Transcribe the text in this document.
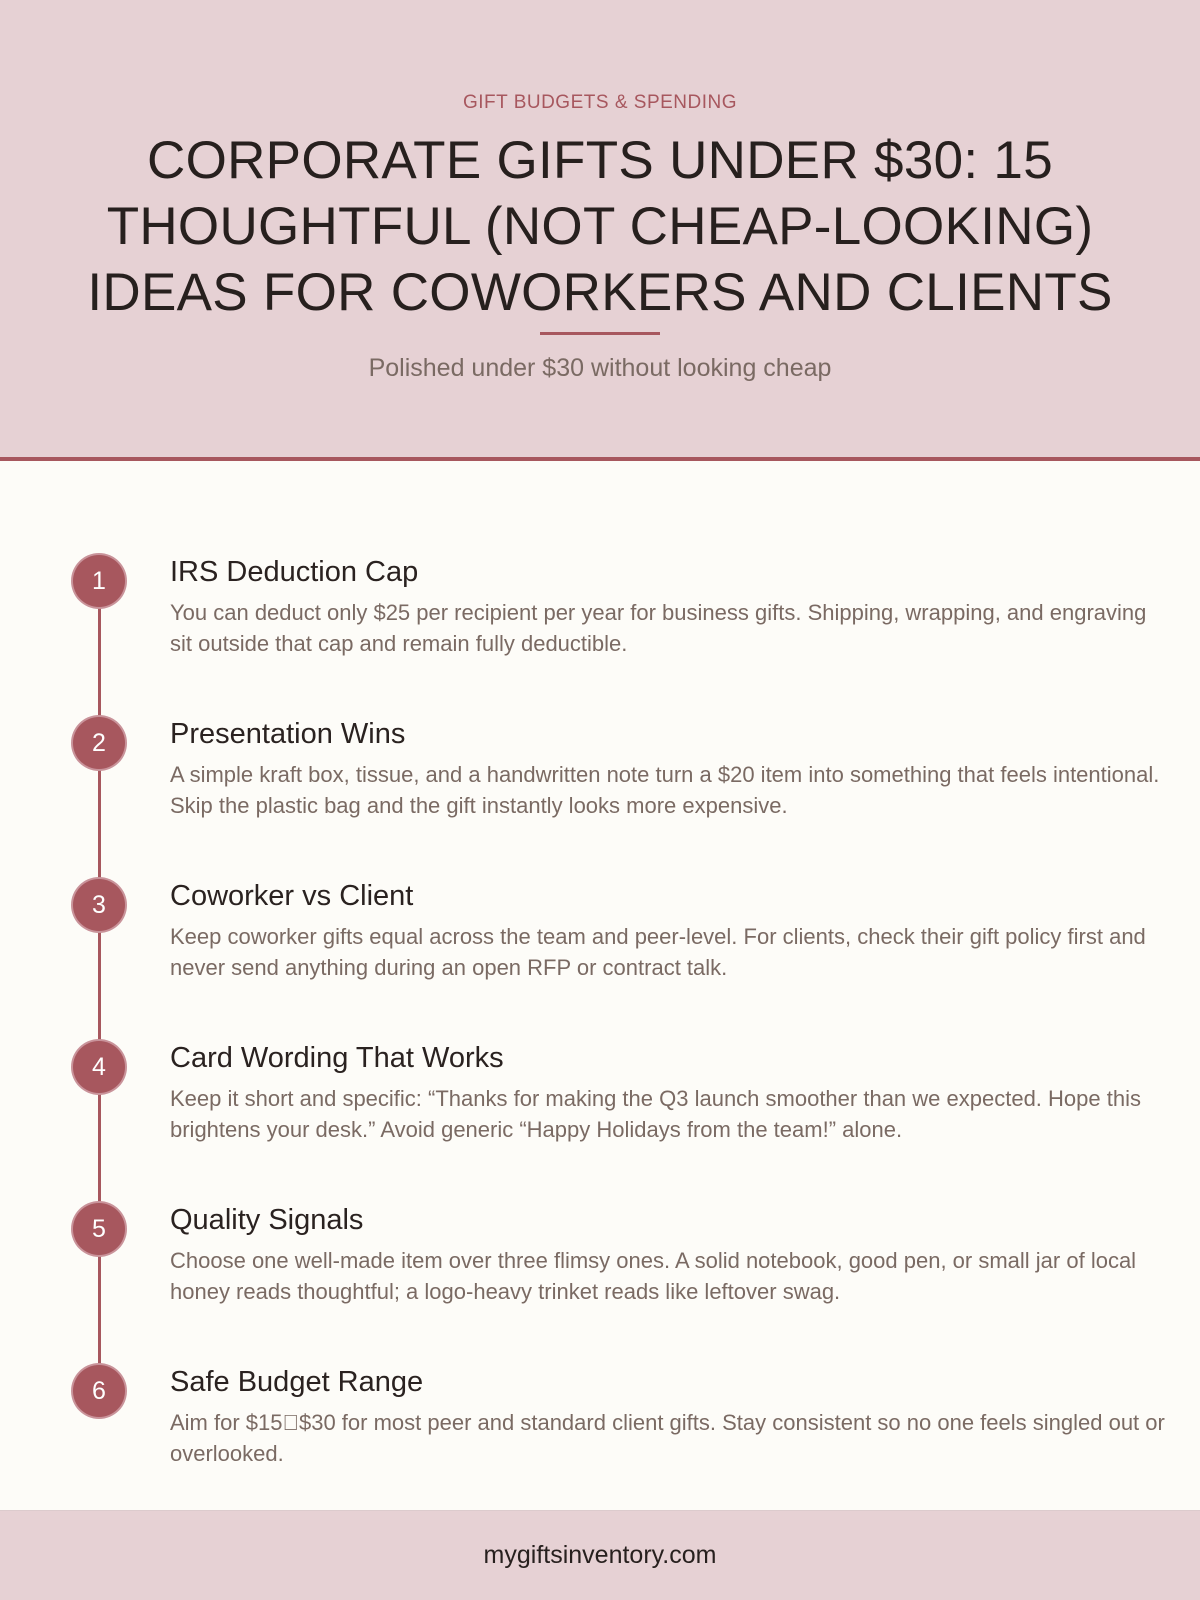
GIFT BUDGETS & SPENDING
CORPORATE GIFTS UNDER $30: 15 THOUGHTFUL (NOT CHEAP-LOOKING) IDEAS FOR COWORKERS AND CLIENTS
Polished under $30 without looking cheap
1	IRS Deduction Cap
You can deduct only $25 per recipient per year for business gifts. Shipping, wrapping, and engraving sit outside that cap and remain fully deductible.
2	Presentation Wins
A simple kraft box, tissue, and a handwritten note turn a $20 item into something that feels intentional. Skip the plastic bag and the gift instantly looks more expensive.
3	Coworker vs Client
Keep coworker gifts equal across the team and peer-level. For clients, check their gift policy first and never send anything during an open RFP or contract talk.
4	Card Wording That Works
Keep it short and specific: “Thanks for making the Q3 launch smoother than we expected. Hope this brightens your desk.” Avoid generic “Happy Holidays from the team!” alone.
5	Quality Signals
Choose one well-made item over three flimsy ones. A solid notebook, good pen, or small jar of local honey reads thoughtful; a logo-heavy trinket reads like leftover swag.
6	Safe Budget Range
Aim for $15 $30 for most peer and standard client gifts. Stay consistent so no one feels singled out or overlooked.
mygiftsinventory.com
